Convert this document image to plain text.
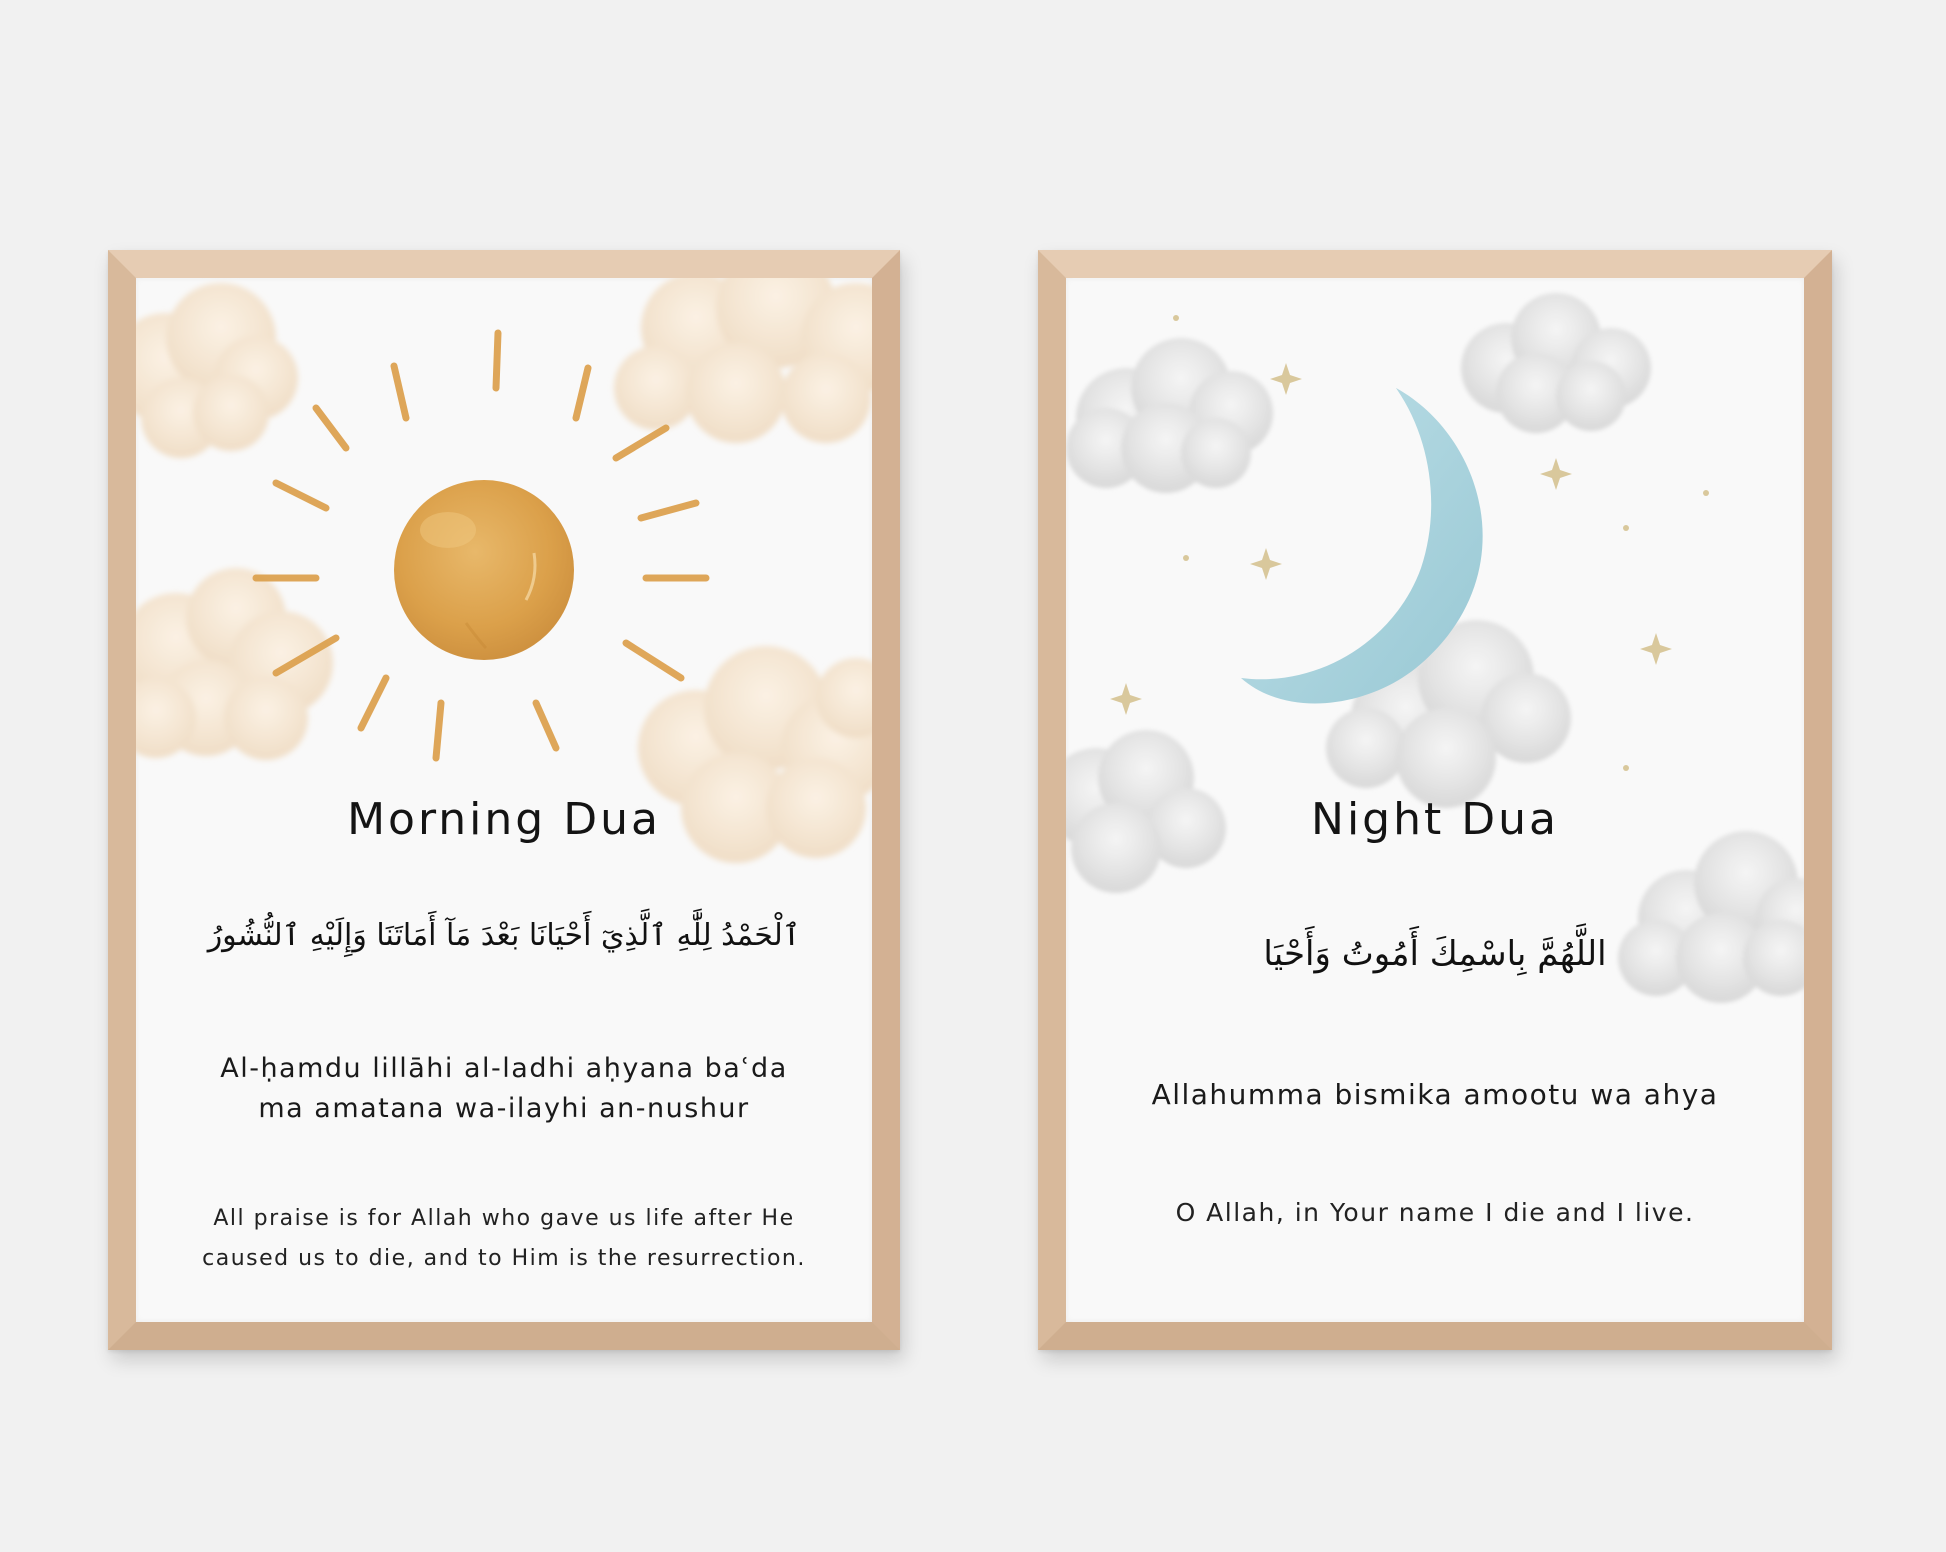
Morning Dua
ٱلْحَمْدُ لِلَّٰهِ ٱلَّذِيٓ أَحْيَانَا بَعْدَ مَآ أَمَاتَنَا وَإِلَيْهِ ٱلنُّشُورُ
Al-ḥamdu lillāhi al-ladhi aḥyana baʿda
ma amatana wa-ilayhi an-nushur
All praise is for Allah who gave us life after He
caused us to die, and to Him is the resurrection.
Night Dua
اللَّهُمَّ بِاسْمِكَ أَمُوتُ وَأَحْيَا
Allahumma bismika amootu wa ahya
O Allah, in Your name I die and I live.
